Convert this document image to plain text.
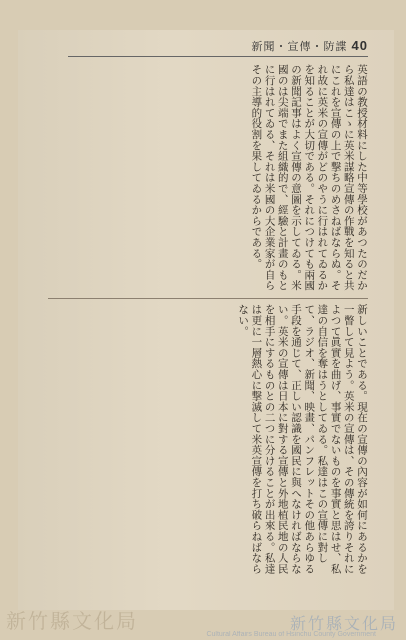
新聞・宣傳・防諜 40
英語の教授材料にした中等學校があつたのだから私達はこゝに英米謀略宣傳の作戰を知ると共にこれを宣傳の上で撃ちのめさねばならぬ。それ故に英米の宣傳がどのやうに行はれてゐるかを知ることが大切である。それにつけても兩國の新聞記事はよく宣傳の意圖を示してゐる。米國のは尖端でまた組織的で、經驗と計畫のもとに行はれてゐる、それは米國の大企業家が自らその主導的役割を果してゐるからである。
新しいことである。現在の宣傳の內容が如何にあるかを一瞥して見よう。英米の宣傳は、その傳統を誇りそれによつて眞實を曲げ、事實でないものを事實と思はせ、私達の自信を奪はうとしてゐる。私達はこの宣傳に對して、ラジオ、新聞、映畫、パンフレットその他あらゆる手段を通じて、正しい認識を國民に與へなければならない。英米の宣傳は日本に對する宣傳と外地植民地の人民を相手にするものとの二つに分けることが出來る。私達は更に一層熱心に撃滅して米英宣傳を打ち破らねばならない。
新竹縣文化局	新竹縣文化局
Cultural Affairs Bureau of Hsinchu County Government
